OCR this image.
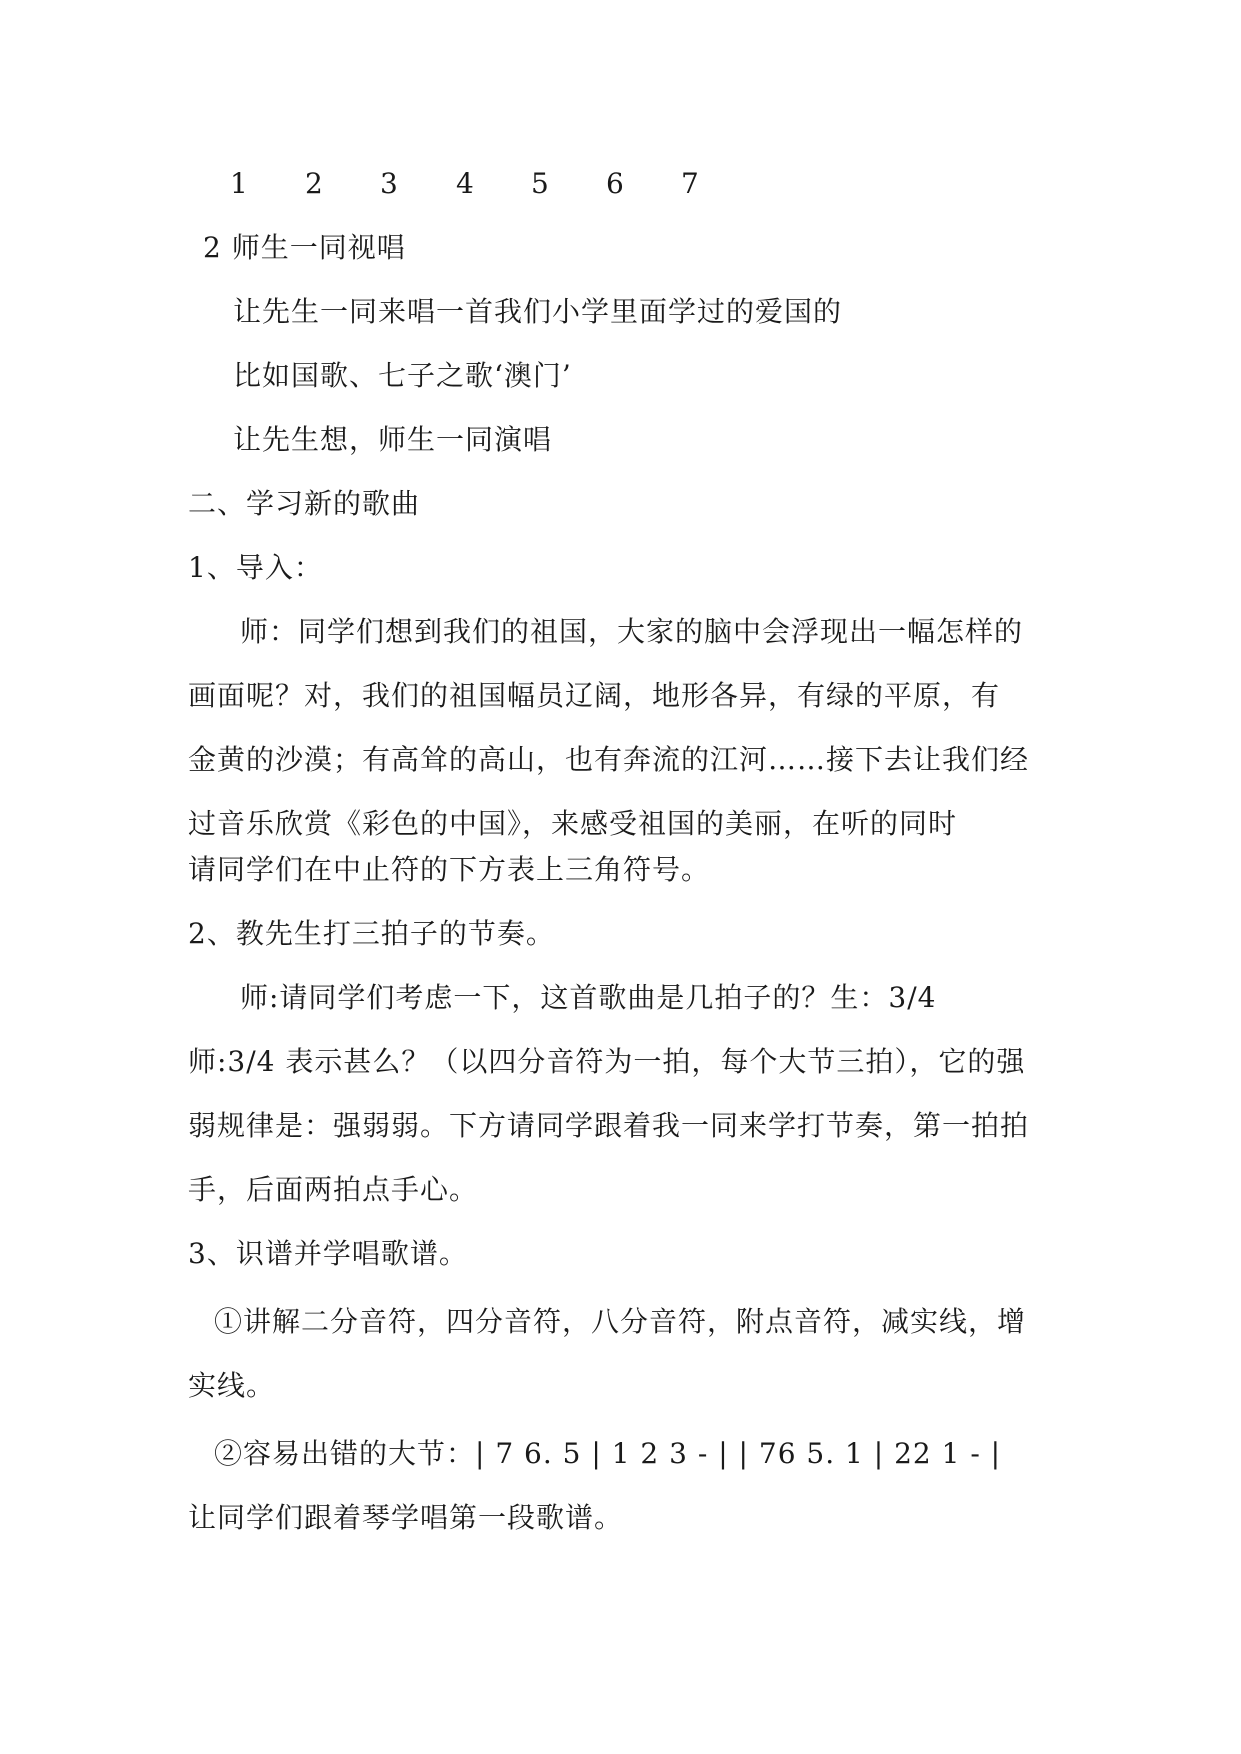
1 2 3 4 5 6 7
2 师生一同视唱
让先生一同来唱一首我们小学里面学过的爱国的
比如国歌、七子之歌‘澳门’
让先生想，师生一同演唱
二、学习新的歌曲
1、导入：
师：同学们想到我们的祖国，大家的脑中会浮现出一幅怎样的
画面呢？对，我们的祖国幅员辽阔，地形各异，有绿的平原，有
金黄的沙漠；有高耸的高山，也有奔流的江河……接下去让我们经
过音乐欣赏《彩色的中国》，来感受祖国的美丽，在听的同时
请同学们在中止符的下方表上三角符号。
2、教先生打三拍子的节奏。
师:请同学们考虑一下，这首歌曲是几拍子的？生：3/4
师:3/4 表示甚么？（以四分音符为一拍，每个大节三拍），它的强
弱规律是：强弱弱。下方请同学跟着我一同来学打节奏，第一拍拍
手，后面两拍点手心。
3、识谱并学唱歌谱。
①讲解二分音符，四分音符，八分音符，附点音符，减实线，增
实线。
②容易出错的大节：| 7 6. 5 | 1 2 3 - | | 76 5. 1 | 22 1 - |
让同学们跟着琴学唱第一段歌谱。
